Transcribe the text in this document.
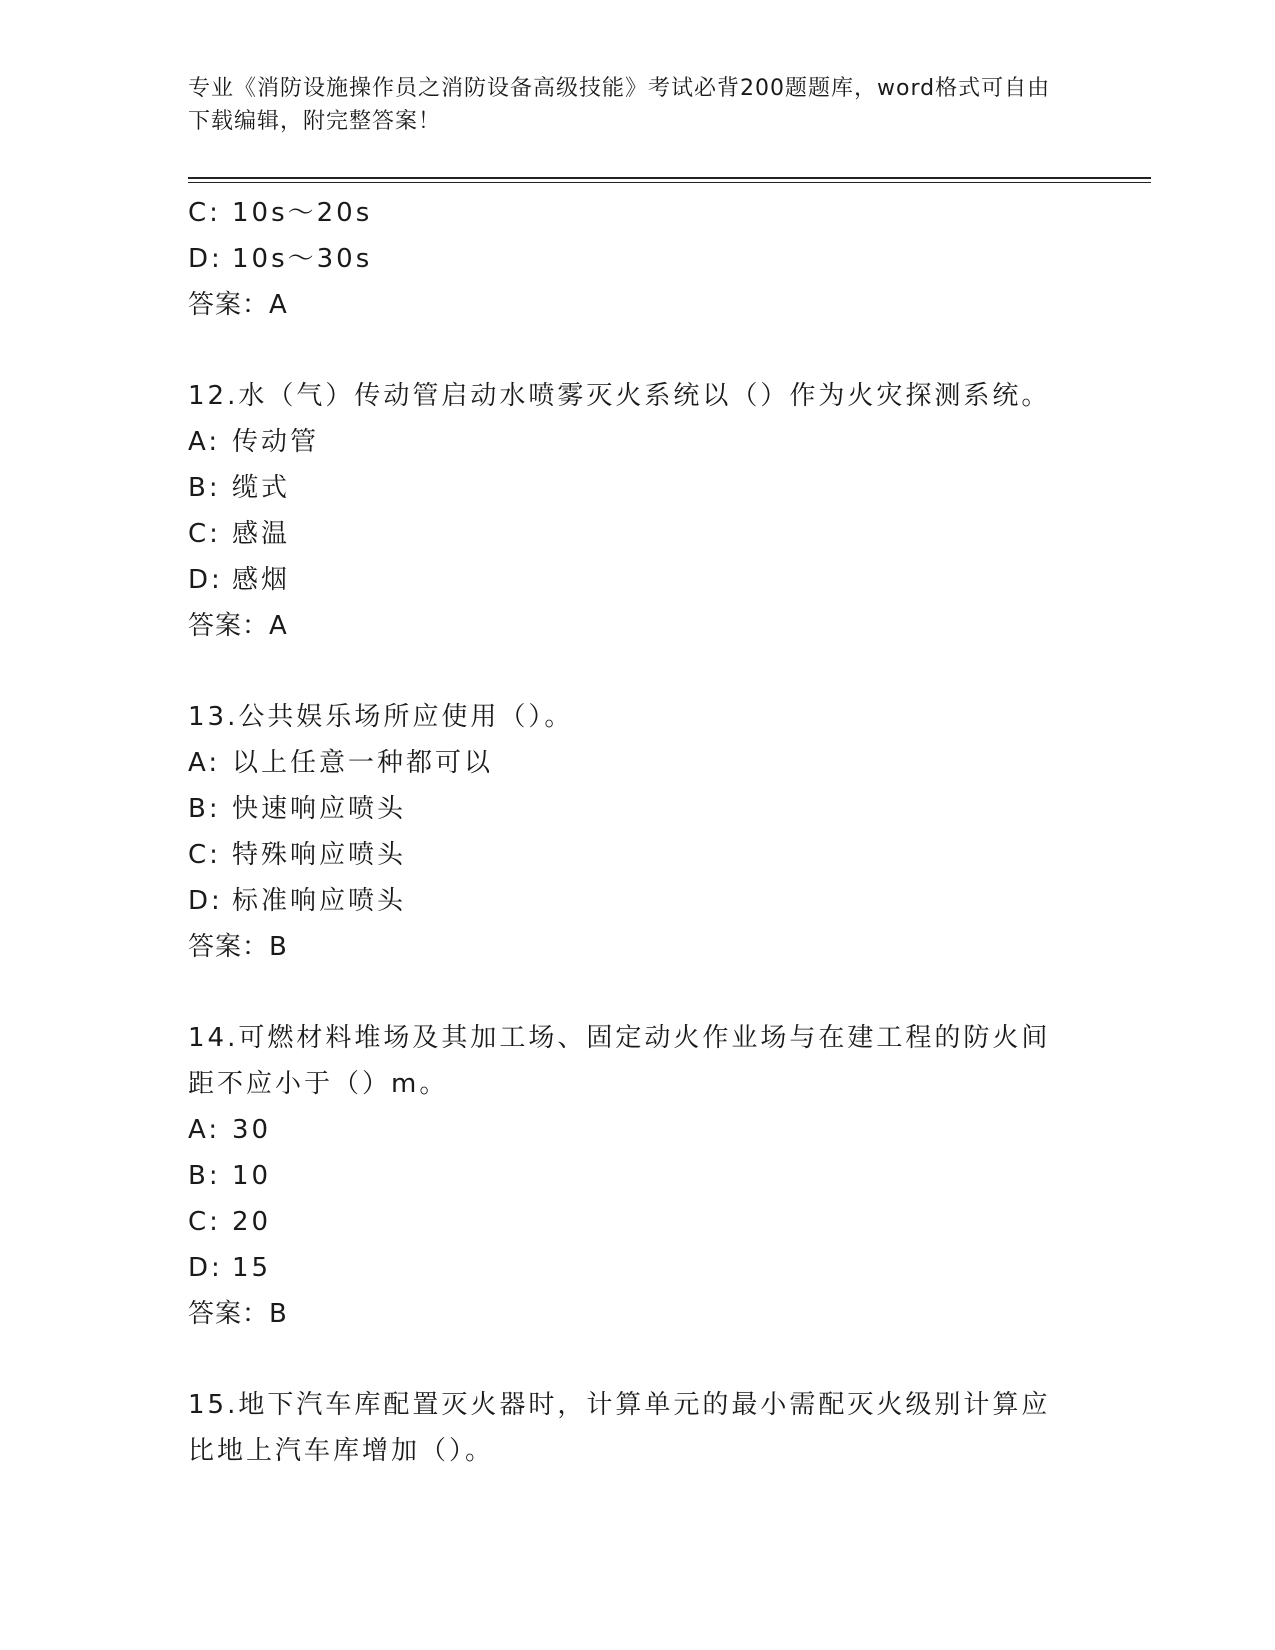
专业《消防设施操作员之消防设备高级技能》考试必背200题题库，word格式可自由下载编辑，附完整答案！
C: 10s～20s
D: 10s～30s
答案：A
12.水（气）传动管启动水喷雾灭火系统以（）作为火灾探测系统。
A: 传动管
B: 缆式
C: 感温
D: 感烟
答案：A
13.公共娱乐场所应使用（）。
A: 以上任意一种都可以
B: 快速响应喷头
C: 特殊响应喷头
D: 标准响应喷头
答案：B
14.可燃材料堆场及其加工场、固定动火作业场与在建工程的防火间距不应小于（）m。
A: 30
B: 10
C: 20
D: 15
答案：B
15.地下汽车库配置灭火器时，计算单元的最小需配灭火级别计算应比地上汽车库增加（）。
